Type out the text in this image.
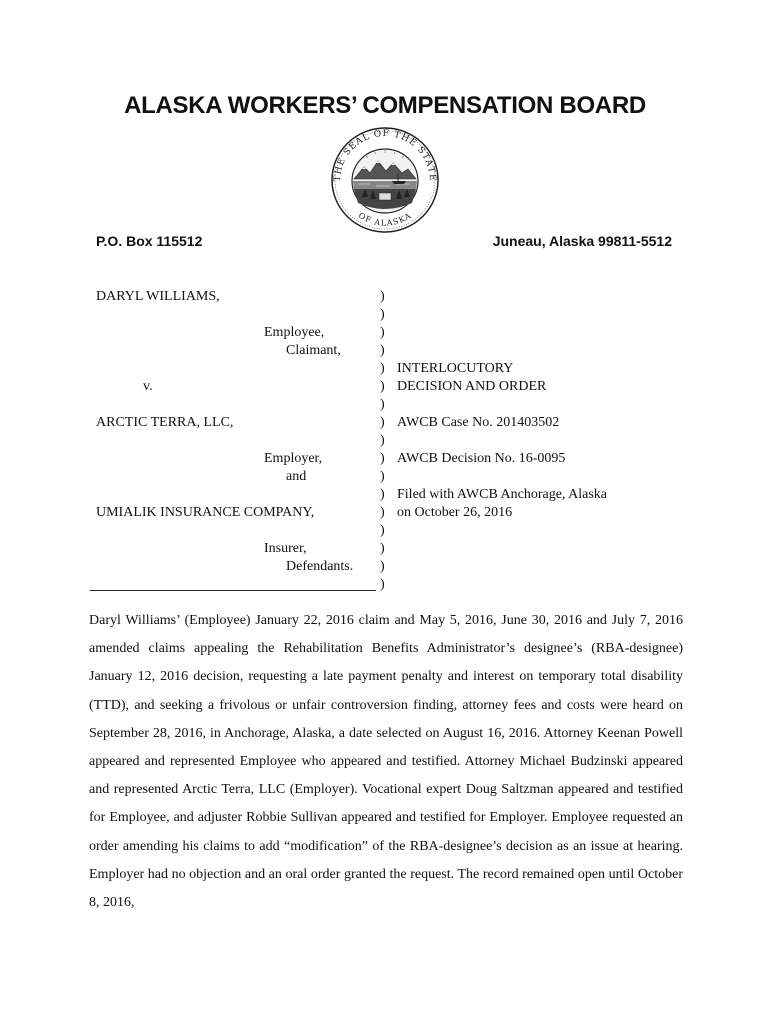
ALASKA WORKERS’ COMPENSATION BOARD
THE SEAL OF THE STATE
OF ALASKA
P.O. Box 115512	Juneau, Alaska 99811-5512
DARYL WILLIAMS,
Employee,
Claimant,
v.
ARCTIC TERRA, LLC,
Employer,
and
UMIALIK INSURANCE COMPANY,
Insurer,
Defendants.
)
)
)
)
)
)
)
)
)
)
)
)
)
)
)
)
)
INTERLOCUTORY
DECISION AND ORDER
AWCB Case No. 201403502
AWCB Decision No. 16-0095
Filed with AWCB Anchorage, Alaska
on October 26, 2016

Daryl Williams’ (Employee) January 22, 2016 claim and May 5, 2016, June 30, 2016 and July 7, 2016 amended claims appealing the Rehabilitation Benefits Administrator’s designee’s (RBA-designee) January 12, 2016 decision, requesting a late payment penalty and interest on temporary total disability (TTD), and seeking a frivolous or unfair controversion finding, attorney fees and costs were heard on September 28, 2016, in Anchorage, Alaska, a date selected on August 16, 2016. Attorney Keenan Powell appeared and represented Employee who appeared and testified. Attorney Michael Budzinski appeared and represented Arctic Terra, LLC (Employer). Vocational expert Doug Saltzman appeared and testified for Employee, and adjuster Robbie Sullivan appeared and testified for Employer. Employee requested an order amending his claims to add “modification” of the RBA-designee’s decision as an issue at hearing. Employer had no objection and an oral order granted the request. The record remained open until October 8, 2016,
